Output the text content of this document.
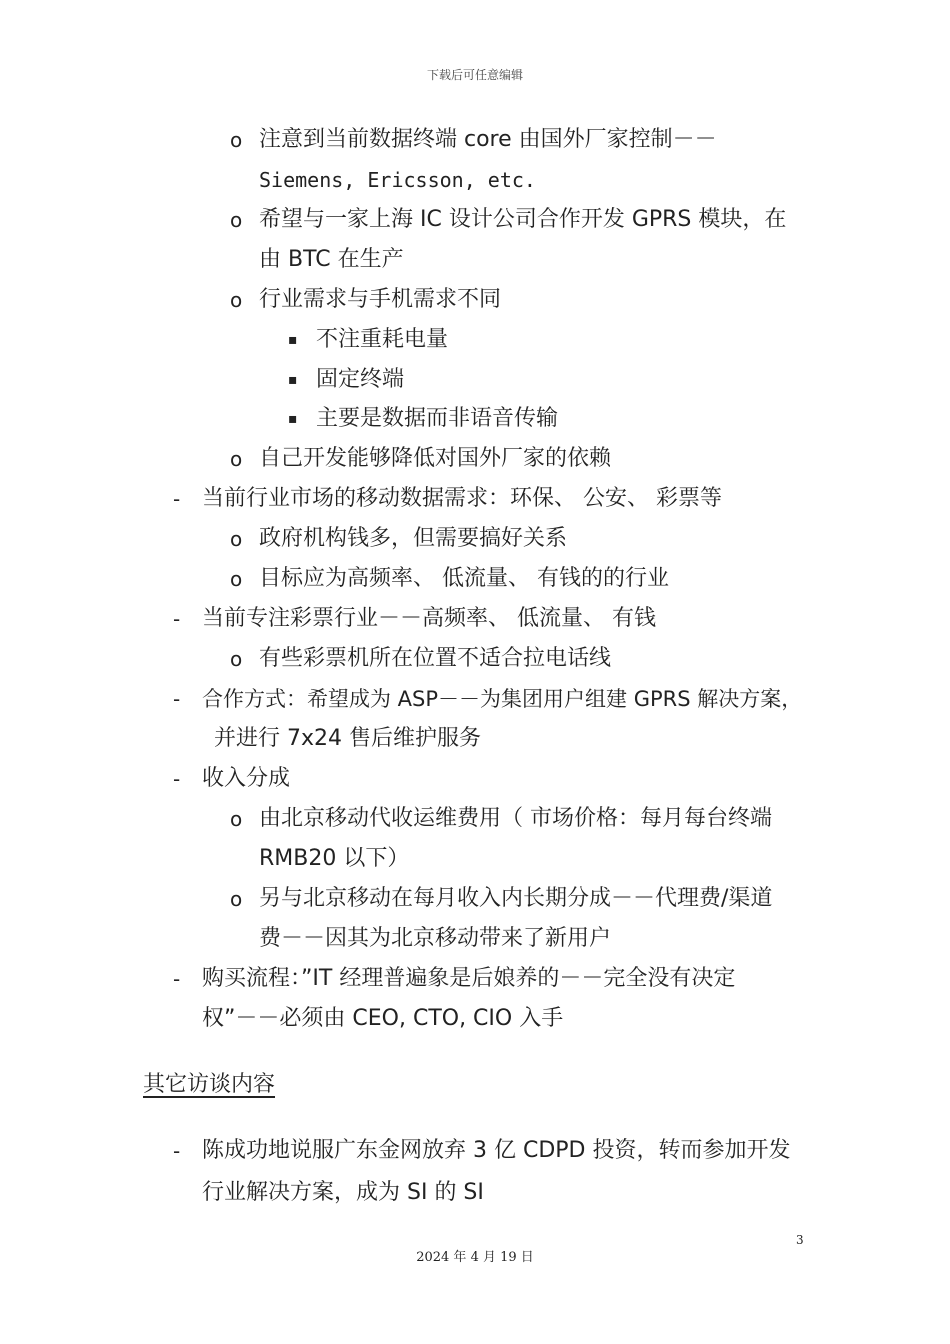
下载后可任意编辑
o 注意到当前数据终端 core 由国外厂家控制－－
Siemens, Ericsson, etc.
o 希望与一家上海 IC 设计公司合作开发 GPRS 模块，在
由 BTC 在生产
o 行业需求与手机需求不同
▪ 不注重耗电量
▪ 固定终端
▪ 主要是数据而非语音传输
o 自己开发能够降低对国外厂家的依赖
- 当前行业市场的移动数据需求：环保、 公安、 彩票等
o 政府机构钱多，但需要搞好关系
o 目标应为高频率、 低流量、 有钱的的行业
- 当前专注彩票行业－－高频率、 低流量、 有钱
o 有些彩票机所在位置不适合拉电话线
- 合作方式：希望成为 ASP－－为集团用户组建 GPRS 解决方案，
并进行 7x24 售后维护服务
- 收入分成
o 由北京移动代收运维费用（ 市场价格：每月每台终端
RMB20 以下）
o 另与北京移动在每月收入内长期分成－－代理费/渠道
费－－因其为北京移动带来了新用户
- 购买流程：”IT 经理普遍象是后娘养的－－完全没有决定
权”－－必须由 CEO, CTO, CIO 入手
其它访谈内容
- 陈成功地说服广东金网放弃 3 亿 CDPD 投资，转而参加开发
行业解决方案，成为 SI 的 SI
3
2024 年 4 月 19 日
